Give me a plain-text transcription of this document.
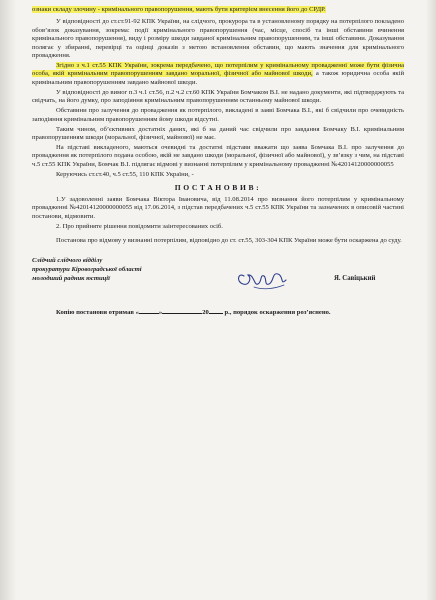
ознаки складу злочину - кримінального правопорушення, мають бути критерієм внесення його до СРДР.

У відповідності до ст.ст.91-92 КПК України, на слідчого, прокурора та в установленому порядку на потерпілого покладено обов’язок доказування, зокрема: події кримінального правопорушення (час, місце, спосіб та інші обставини вчинення кримінального правопорушення), виду і розміру шкоди завданої кримінальним правопорушенням, та інші обставини. Доказування полягає у збиранні, перевірці та оцінці доказів з метою встановлення обставин, що мають значення для кримінального провадження.

Згідно з ч.1 ст.55 КПК України, зокрема передбачено, що потерпілим у кримінальному провадженні може бути фізична особа, якій кримінальним правопорушенням завдано моральної, фізичної або майнової шкоди, а також юридична особа якій кримінальним правопорушенням завдано майнової шкоди.

У відповідності до вимог п.3 ч.1 ст.56, п.2 ч.2 ст.60 КПК України Бомчаком В.І. не надано документи, які підтверджують та свідчать, на його думку, про заподіяння кримінальним правопорушенням останньому майнової шкоди.

Обставини про залучення до провадження як потерпілого, викладені в заяві Бомчака В.І., які б свідчили про очевидність заподіяння кримінальним правопорушенням йому шкоди відсутні.

Таким чином, об’єктивних достатніх даних, які б на даний час свідчили про завдання Бомчаку В.І. кримінальним правопорушенням шкоди (моральної, фізичної, майнової) не має.

На підставі викладеного, маються очевидні та достатні підстави вважати що заява Бомчака В.І. про залучення до провадження як потерпілого подана особою, якій не завдано шкоди (моральної, фізичної або майнової), у зв’язку з чим, на підставі ч.5 ст.55 КПК України, Бомчак В.І. підлягає відмові у визнанні потерпілим у кримінальному провадженні №42014120000000055

Керуючись ст.ст.40, ч.5 ст.55, 110 КПК України, -

ПОСТАНОВИВ:

1.У задоволенні заяви Бомчака Віктора Івановича, від 11.08.2014 про визнання його потерпілим у кримінальному провадженні №42014120000000055 від 17.06.2014, з підстав передбачених ч.5 ст.55 КПК України та зазначених в описовій частині постанови, відмовити.

2. Про прийняте рішення повідомити заінтересованих осіб.

Постанова про відмову у визнанні потерпілим, відповідно до ст. ст.55, 303-304 КПК України може бути оскаржена до суду.

Слідчий слідчого відділу
прокуратури Кіровоградської області
молодший радник юстиції	Я. Савіцький
Копію постанови отримав «	»	20 р., порядок оскарження роз’яснено.
